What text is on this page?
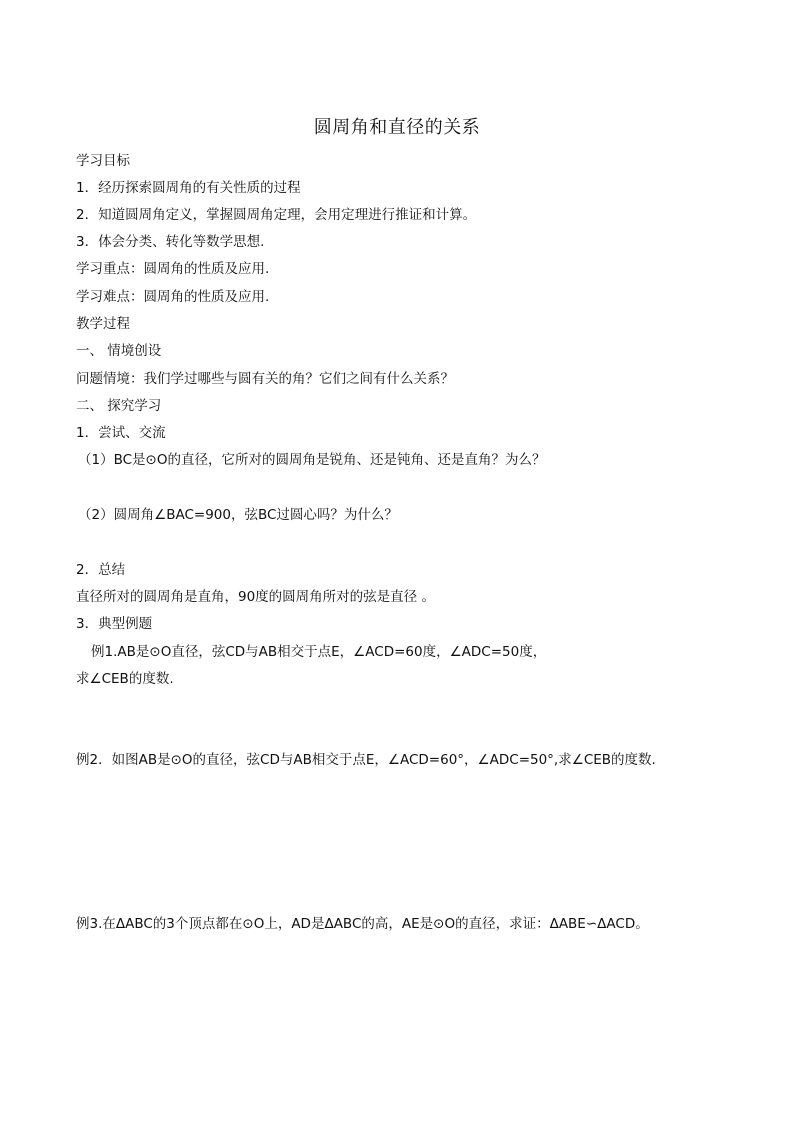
圆周角和直径的关系
学习目标
1．经历探索圆周角的有关性质的过程
2．知道圆周角定义，掌握圆周角定理，会用定理进行推证和计算。
3．体会分类、转化等数学思想.
学习重点：圆周角的性质及应用.
学习难点：圆周角的性质及应用.
教学过程
一、 情境创设
问题情境：我们学过哪些与圆有关的角？它们之间有什么关系？
二、 探究学习
1．尝试、交流
（1）BC是⊙O的直径，它所对的圆周角是锐角、还是钝角、还是直角？为么？
（2）圆周角∠BAC=900，弦BC过圆心吗？为什么？
2．总结
直径所对的圆周角是直角，90度的圆周角所对的弦是直径 。
3．典型例题
例1.AB是⊙O直径，弦CD与AB相交于点E，∠ACD=60度，∠ADC=50度，
求∠CEB的度数.
例2．如图AB是⊙O的直径，弦CD与AB相交于点E，∠ACD=60°，∠ADC=50°,求∠CEB的度数.
例3.在ΔABC的3个顶点都在⊙O上，AD是ΔABC的高，AE是⊙O的直径，求证：ΔABE∽ΔACD。
